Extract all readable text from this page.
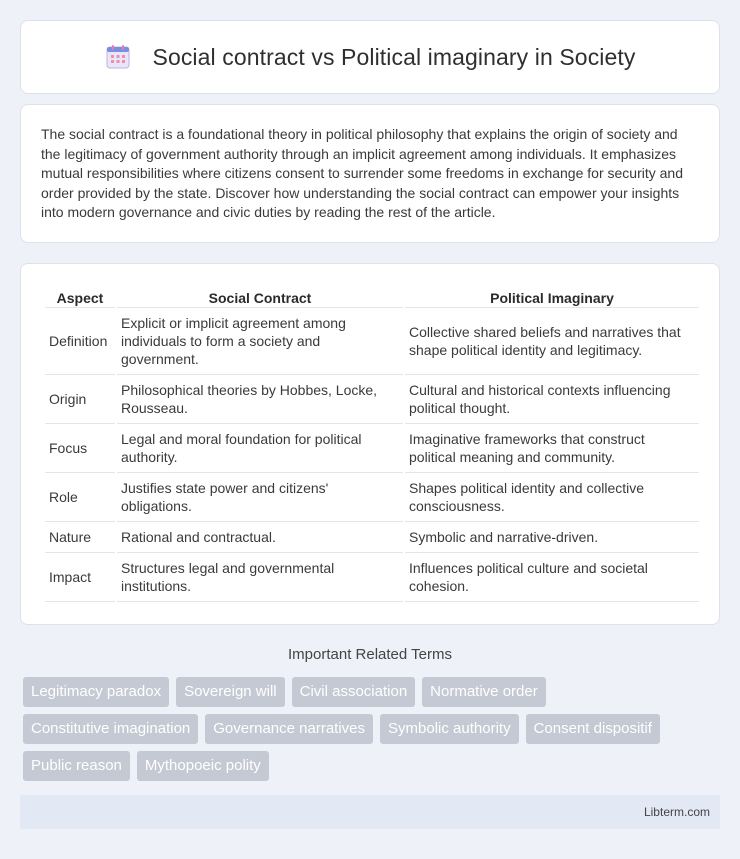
Social contract vs Political imaginary in Society

The social contract is a foundational theory in political philosophy that explains the origin of society and the legitimacy of government authority through an implicit agreement among individuals. It emphasizes mutual responsibilities where citizens consent to surrender some freedoms in exchange for security and order provided by the state. Discover how understanding the social contract can empower your insights into modern governance and civic duties by reading the rest of the article.

Aspect	Social Contract	Political Imaginary
Definition	Explicit or implicit agreement among individuals to form a society and government.	Collective shared beliefs and narratives that shape political identity and legitimacy.
Origin	Philosophical theories by Hobbes, Locke, Rousseau.	Cultural and historical contexts influencing political thought.
Focus	Legal and moral foundation for political authority.	Imaginative frameworks that construct political meaning and community.
Role	Justifies state power and citizens' obligations.	Shapes political identity and collective consciousness.
Nature	Rational and contractual.	Symbolic and narrative-driven.
Impact	Structures legal and governmental institutions.	Influences political culture and societal cohesion.
Important Related Terms
Legitimacy paradox	Sovereign will	Civil association	Normative order
Constitutive imagination	Governance narratives	Symbolic authority	Consent dispositif
Public reason	Mythopoeic polity
Libterm.com
